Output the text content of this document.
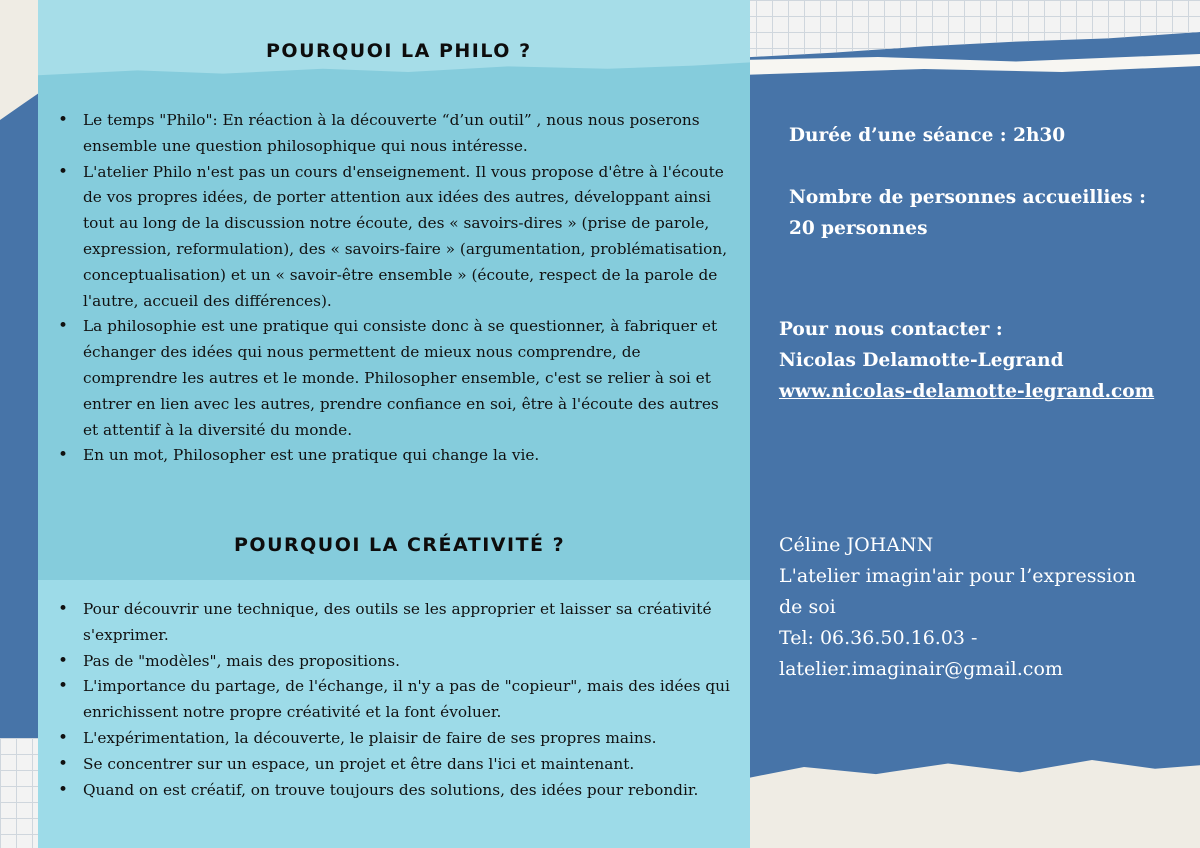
POURQUOI LA PHILO ?
• Le temps "Philo": En réaction à la découverte “d’un outil” , nous nous poserons ensemble une question philosophique qui nous intéresse.
• L'atelier Philo n'est pas un cours d'enseignement. Il vous propose d'être à l'écoute de vos propres idées, de porter attention aux idées des autres, développant ainsi tout au long de la discussion notre écoute, des « savoirs-dires » (prise de parole, expression, reformulation), des « savoirs-faire » (argumentation, problématisation, conceptualisation) et un « savoir-être ensemble » (écoute, respect de la parole de l'autre, accueil des différences).
• La philosophie est une pratique qui consiste donc à se questionner, à fabriquer et échanger des idées qui nous permettent de mieux nous comprendre, de comprendre les autres et le monde. Philosopher ensemble, c'est se relier à soi et entrer en lien avec les autres, prendre confiance en soi, être à l'écoute des autres et attentif à la diversité du monde.
• En un mot, Philosopher est une pratique qui change la vie.
POURQUOI LA CRÉATIVITÉ ?
• Pour découvrir une technique, des outils se les approprier et laisser sa créativité s'exprimer.
• Pas de "modèles", mais des propositions.
• L'importance du partage, de l'échange, il n'y a pas de "copieur", mais des idées qui enrichissent notre propre créativité et la font évoluer.
• L'expérimentation, la découverte, le plaisir de faire de ses propres mains.
• Se concentrer sur un espace, un projet et être dans l'ici et maintenant.
• Quand on est créatif, on trouve toujours des solutions, des idées pour rebondir.
Durée d’une séance : 2h30
Nombre de personnes accueillies :
20 personnes
Pour nous contacter :
Nicolas Delamotte-Legrand
www.nicolas-delamotte-legrand.com
Céline JOHANN
L'atelier imagin'air pour l’expression
de soi
Tel: 06.36.50.16.03 -
latelier.imaginair@gmail.com
